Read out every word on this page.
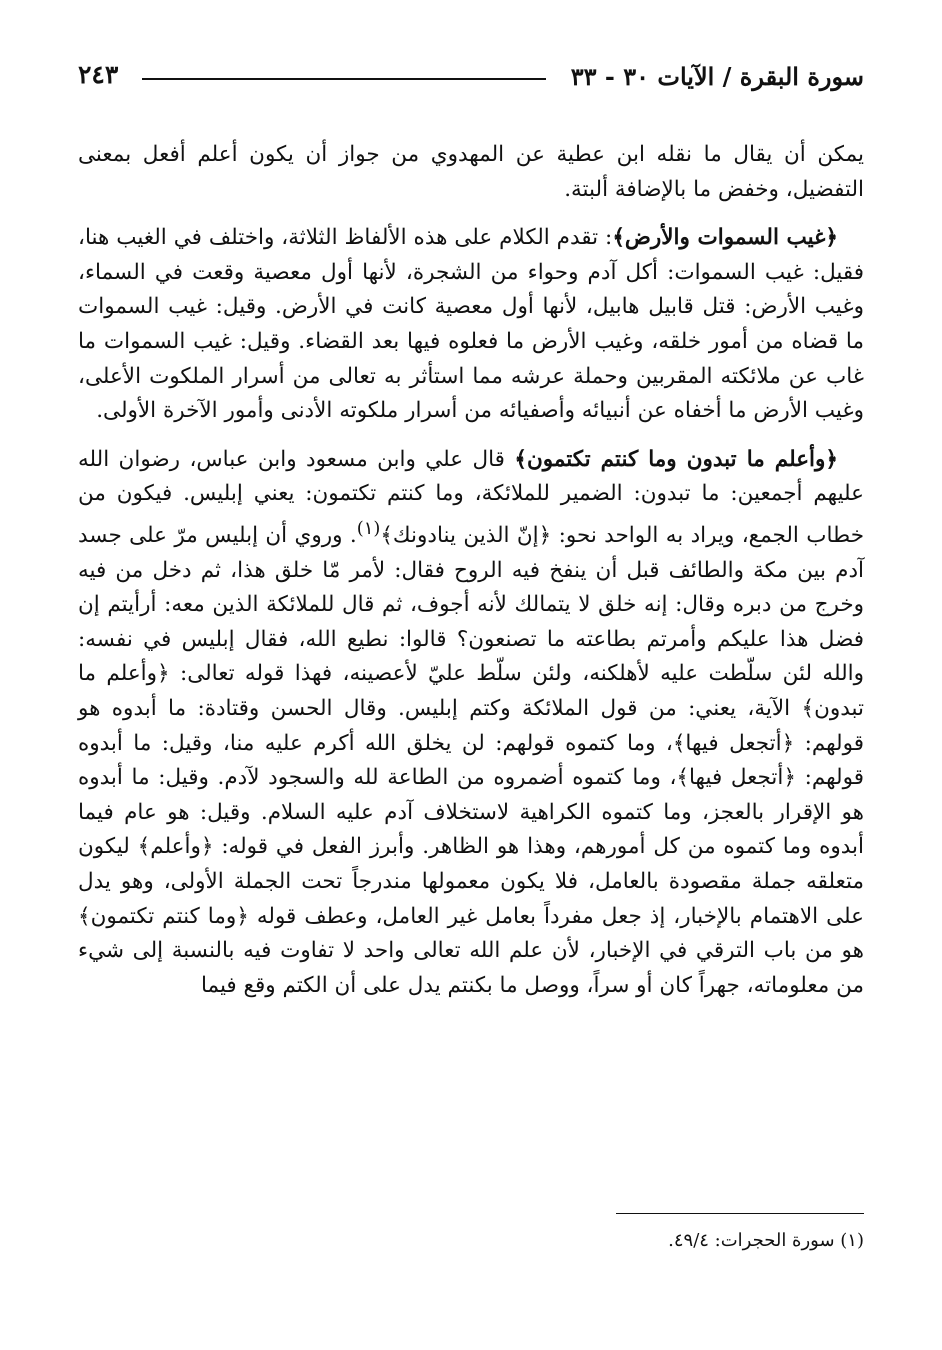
سورة البقرة / الآيات ٣٠ - ٣٣
٢٤٣

يمكن أن يقال ما نقله ابن عطية عن المهدوي من جواز أن يكون أعلم أفعل بمعنى التفضيل، وخفض ما بالإضافة ألبتة.

﴿غيب السموات والأرض﴾: تقدم الكلام على هذه الألفاظ الثلاثة، واختلف في الغيب هنا، فقيل: غيب السموات: أكل آدم وحواء من الشجرة، لأنها أول معصية وقعت في السماء، وغيب الأرض: قتل قابيل هابيل، لأنها أول معصية كانت في الأرض. وقيل: غيب السموات ما قضاه من أمور خلقه، وغيب الأرض ما فعلوه فيها بعد القضاء. وقيل: غيب السموات ما غاب عن ملائكته المقربين وحملة عرشه مما استأثر به تعالى من أسرار الملكوت الأعلى، وغيب الأرض ما أخفاه عن أنبيائه وأصفيائه من أسرار ملكوته الأدنى وأمور الآخرة الأولى.

﴿وأعلم ما تبدون وما كنتم تكتمون﴾ قال علي وابن مسعود وابن عباس، رضوان الله عليهم أجمعين: ما تبدون: الضمير للملائكة، وما كنتم تكتمون: يعني إبليس. فيكون من خطاب الجمع، ويراد به الواحد نحو: ﴿إنّ الذين ينادونك﴾$^{(١)}$. وروي أن إبليس مرّ على جسد آدم بين مكة والطائف قبل أن ينفخ فيه الروح فقال: لأمر مّا خلق هذا، ثم دخل من فيه وخرج من دبره وقال: إنه خلق لا يتمالك لأنه أجوف، ثم قال للملائكة الذين معه: أرأيتم إن فضل هذا عليكم وأمرتم بطاعته ما تصنعون؟ قالوا: نطيع الله، فقال إبليس في نفسه: والله لئن سلّطت عليه لأهلكنه، ولئن سلّط عليّ لأعصينه، فهذا قوله تعالى: ﴿وأعلم ما تبدون﴾ الآية، يعني: من قول الملائكة وكتم إبليس. وقال الحسن وقتادة: ما أبدوه هو قولهم: ﴿أتجعل فيها﴾، وما كتموه قولهم: لن يخلق الله أكرم عليه منا، وقيل: ما أبدوه قولهم: ﴿أتجعل فيها﴾، وما كتموه أضمروه من الطاعة لله والسجود لآدم. وقيل: ما أبدوه هو الإقرار بالعجز، وما كتموه الكراهية لاستخلاف آدم عليه السلام. وقيل: هو عام فيما أبدوه وما كتموه من كل أمورهم، وهذا هو الظاهر. وأبرز الفعل في قوله: ﴿وأعلم﴾ ليكون متعلقه جملة مقصودة بالعامل، فلا يكون معمولها مندرجاً تحت الجملة الأولى، وهو يدل على الاهتمام بالإخبار، إذ جعل مفرداً بعامل غير العامل، وعطف قوله ﴿وما كنتم تكتمون﴾ هو من باب الترقي في الإخبار، لأن علم الله تعالى واحد لا تفاوت فيه بالنسبة إلى شيء من معلوماته، جهراً كان أو سراً، ووصل ما بكنتم يدل على أن الكتم وقع فيما

(١) سورة الحجرات: ٤٩/٤.
